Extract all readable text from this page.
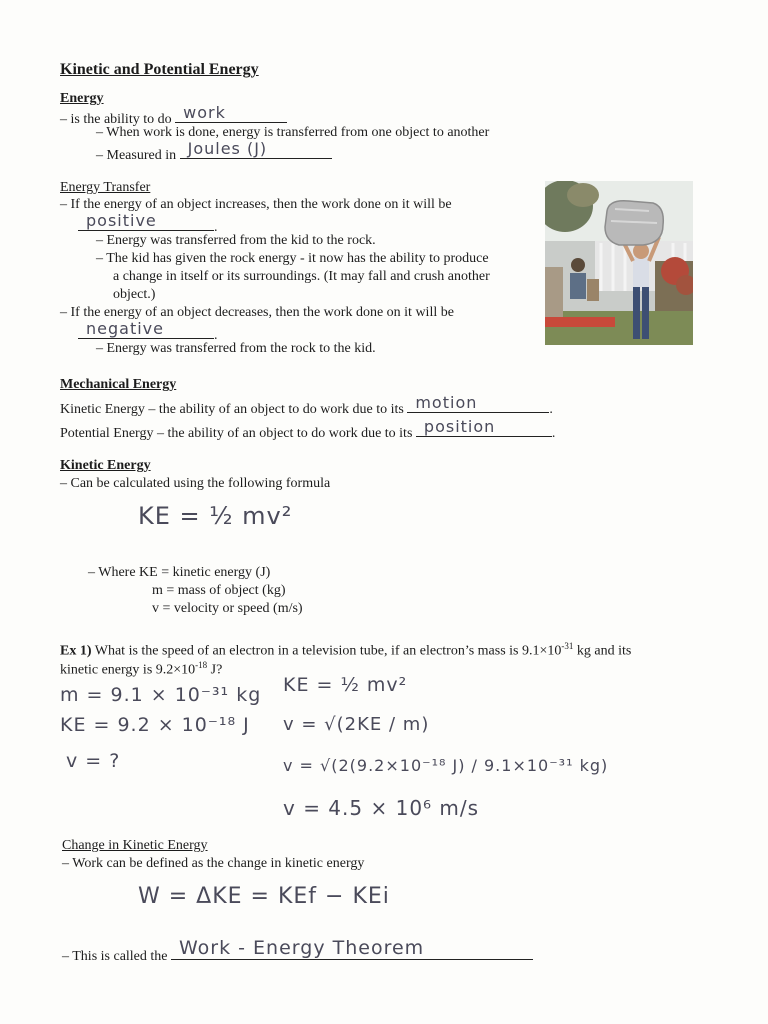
Kinetic and Potential Energy
Energy
– is the ability to do work
– When work is done, energy is transferred from one object to another
– Measured in Joules (J)
Energy Transfer
– If the energy of an object increases, then the work done on it will be
positive	.
– Energy was transferred from the kid to the rock.
– The kid has given the rock energy - it now has the ability to produce
a change in itself or its surroundings. (It may fall and crush another
object.)
– If the energy of an object decreases, then the work done on it will be
negative	.
– Energy was transferred from the rock to the kid.
Mechanical Energy
Kinetic Energy – the ability of an object to do work due to its motion	.
Potential Energy – the ability of an object to do work due to its position	.
Kinetic Energy
– Can be calculated using the following formula
KE = ½ mv²
– Where KE = kinetic energy (J)
m = mass of object (kg)
v = velocity or speed (m/s)
Ex 1) What is the speed of an electron in a television tube, if an electron’s mass is $9.1\times 10^{-31}$ kg and its
kinetic energy is $9.2\times 10^{-18}$ J?
m = 9.1 × 10⁻³¹ kg
KE = 9.2 × 10⁻¹⁸ J
v = ?
KE = ½ mv²
v = √(2KE / m)
v = √(2(9.2×10⁻¹⁸ J) / 9.1×10⁻³¹ kg)
v = 4.5 × 10⁶ m/s
Change in Kinetic Energy
– Work can be defined as the change in kinetic energy
W = ΔKE = KEf − KEi
– This is called the Work - Energy Theorem
